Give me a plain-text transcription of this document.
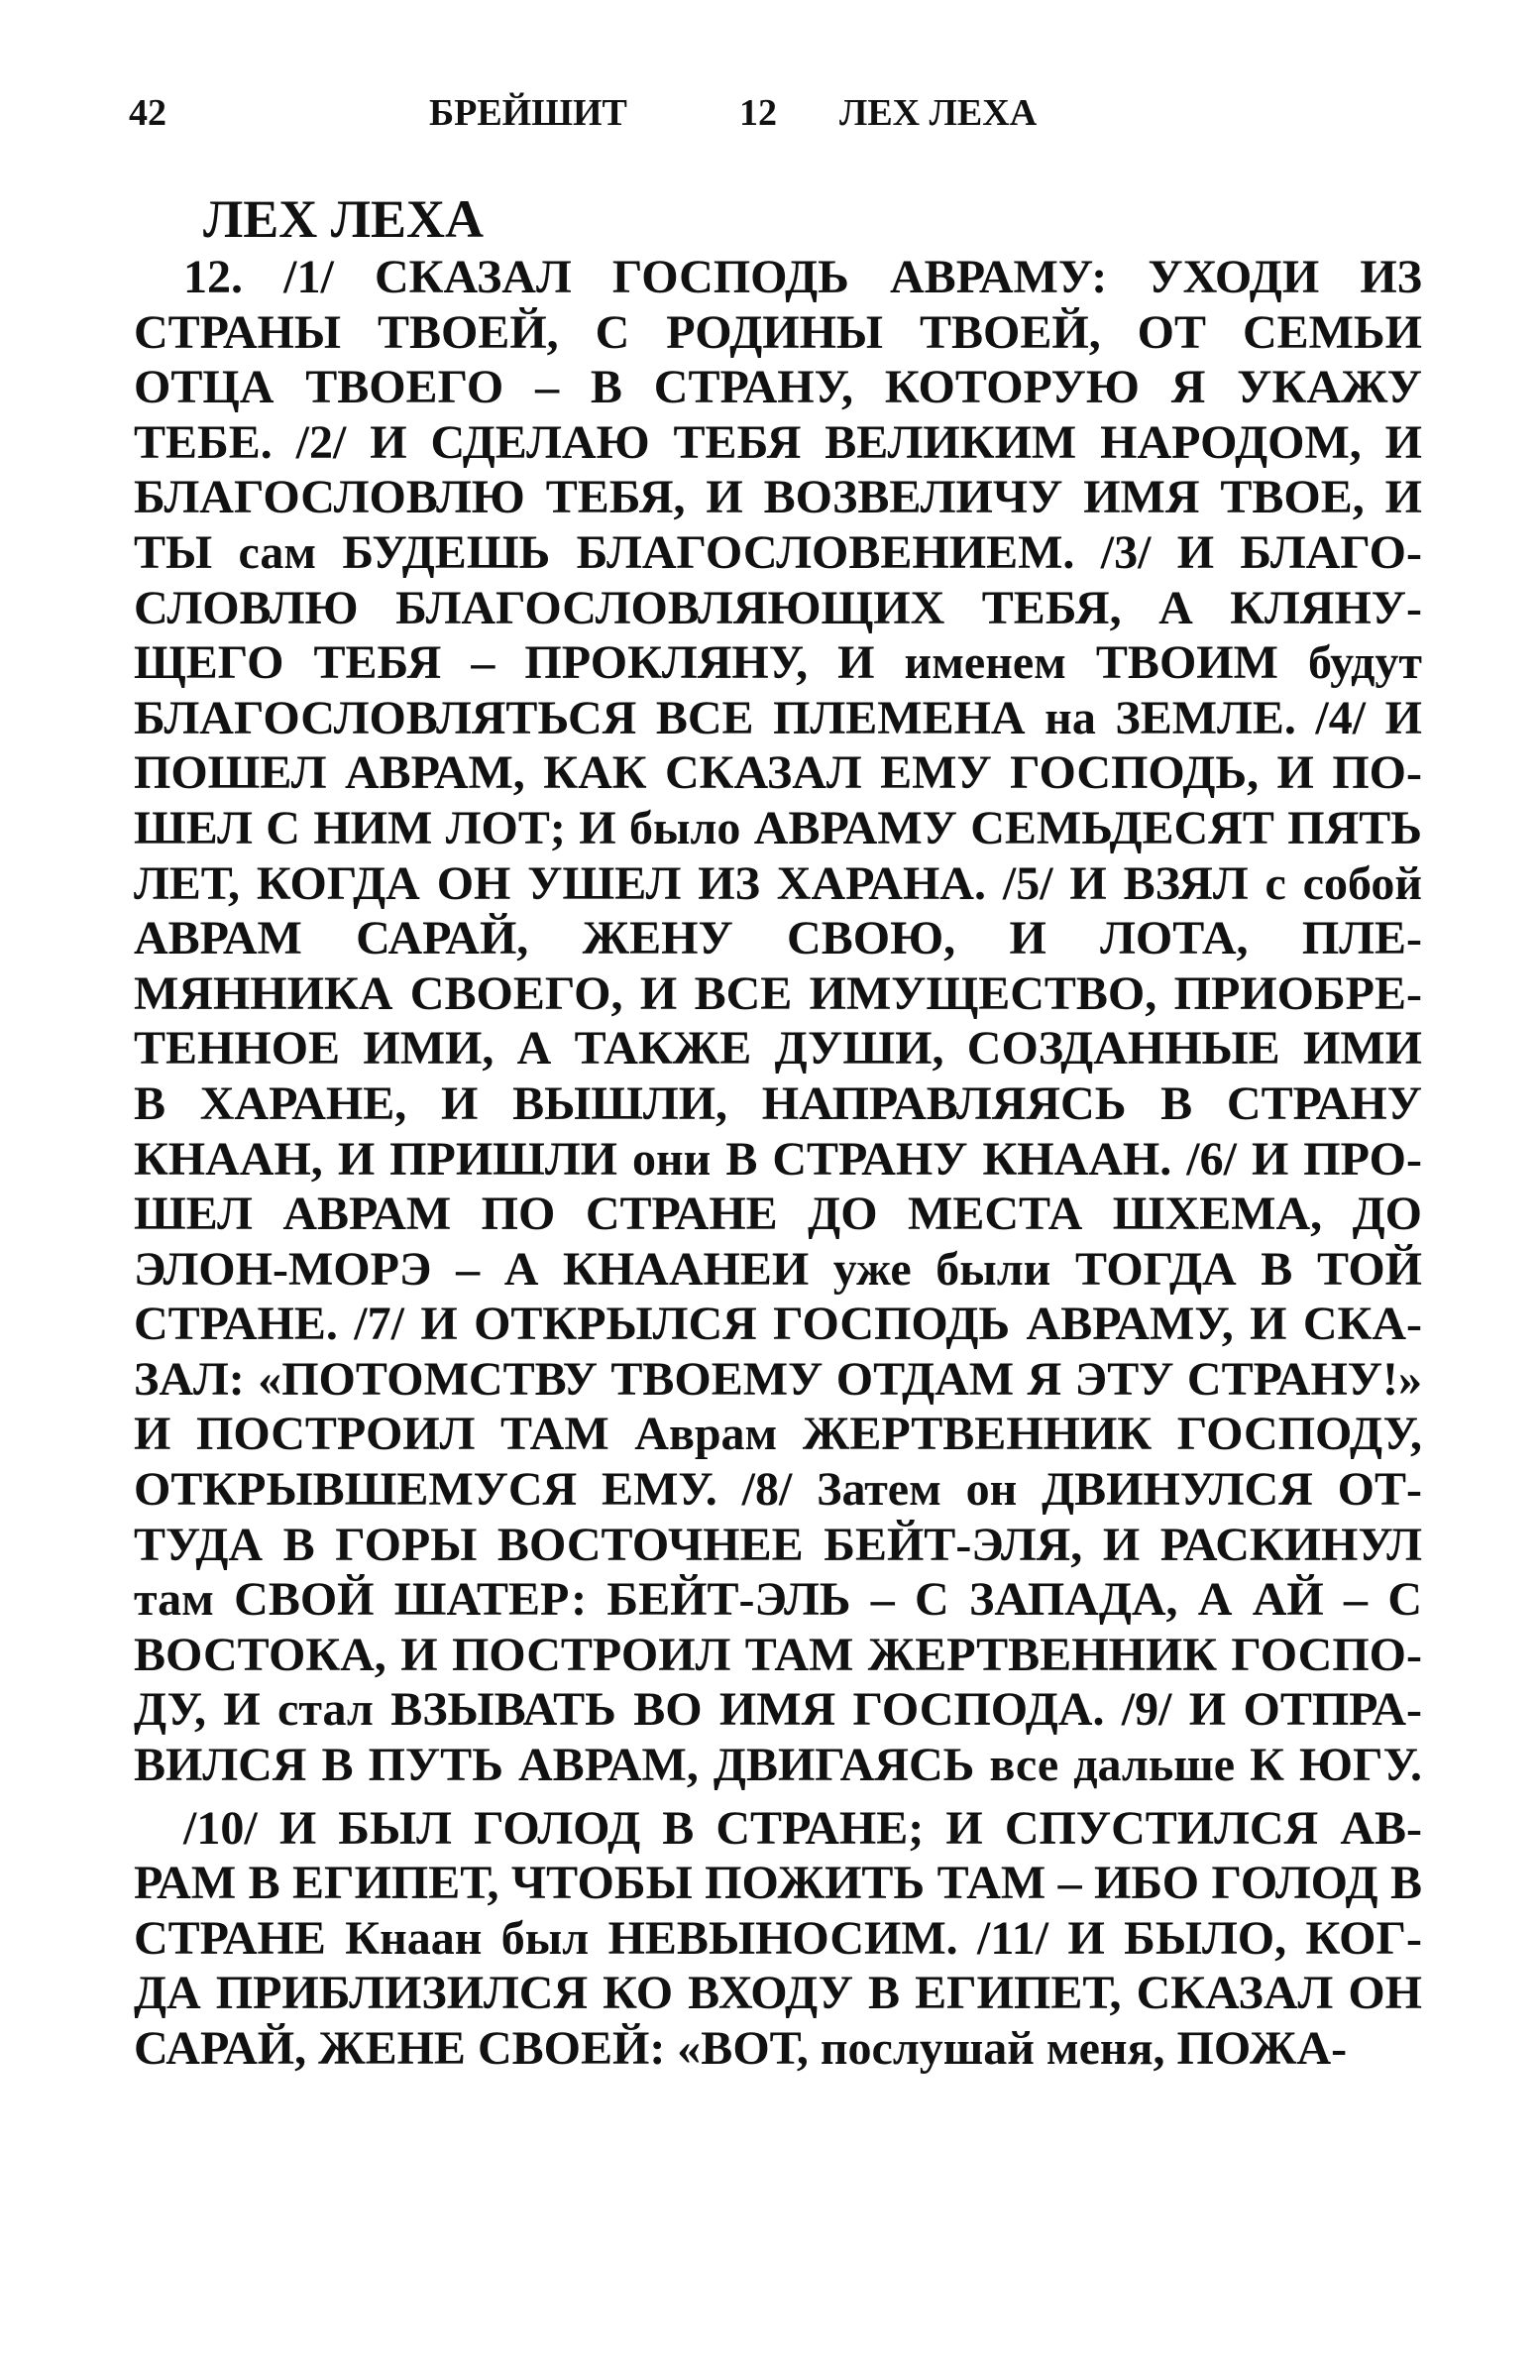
42	БРЕЙШИТ	12 ЛЕХ ЛЕХА
ЛЕХ ЛЕХА
12. /1/ СКАЗАЛ ГОСПОДЬ АВРАМУ: УХОДИ ИЗ
СТРАНЫ ТВОЕЙ, С РОДИНЫ ТВОЕЙ, ОТ СЕМЬИ
ОТЦА ТВОЕГО – В СТРАНУ, КОТОРУЮ Я УКАЖУ
ТЕБЕ. /2/ И СДЕЛАЮ ТЕБЯ ВЕЛИКИМ НАРОДОМ, И
БЛАГОСЛОВЛЮ ТЕБЯ, И ВОЗВЕЛИЧУ ИМЯ ТВОЕ, И
ТЫ сам БУДЕШЬ БЛАГОСЛОВЕНИЕМ. /3/ И БЛАГО-
СЛОВЛЮ БЛАГОСЛОВЛЯЮЩИХ ТЕБЯ, А КЛЯНУ-
ЩЕГО ТЕБЯ – ПРОКЛЯНУ, И именем ТВОИМ будут
БЛАГОСЛОВЛЯТЬСЯ ВСЕ ПЛЕМЕНА на ЗЕМЛЕ. /4/ И
ПОШЕЛ АВРАМ, КАК СКАЗАЛ ЕМУ ГОСПОДЬ, И ПО-
ШЕЛ С НИМ ЛОТ; И было АВРАМУ СЕМЬДЕСЯТ ПЯТЬ
ЛЕТ, КОГДА ОН УШЕЛ ИЗ ХАРАНА. /5/ И ВЗЯЛ с собой
АВРАМ САРАЙ, ЖЕНУ СВОЮ, И ЛОТА, ПЛЕ-
МЯННИКА СВОЕГО, И ВСЕ ИМУЩЕСТВО, ПРИОБРЕ-
ТЕННОЕ ИМИ, А ТАКЖЕ ДУШИ, СОЗДАННЫЕ ИМИ
В ХАРАНЕ, И ВЫШЛИ, НАПРАВЛЯЯСЬ В СТРАНУ
КНААН, И ПРИШЛИ они В СТРАНУ КНААН. /6/ И ПРО-
ШЕЛ АВРАМ ПО СТРАНЕ ДО МЕСТА ШХЕМА, ДО
ЭЛОН-МОРЭ – А КНААНЕИ уже были ТОГДА В ТОЙ
СТРАНЕ. /7/ И ОТКРЫЛСЯ ГОСПОДЬ АВРАМУ, И СКА-
ЗАЛ: «ПОТОМСТВУ ТВОЕМУ ОТДАМ Я ЭТУ СТРАНУ!»
И ПОСТРОИЛ ТАМ Аврам ЖЕРТВЕННИК ГОСПОДУ,
ОТКРЫВШЕМУСЯ ЕМУ. /8/ Затем он ДВИНУЛСЯ ОТ-
ТУДА В ГОРЫ ВОСТОЧНЕЕ БЕЙТ-ЭЛЯ, И РАСКИНУЛ
там СВОЙ ШАТЕР: БЕЙТ-ЭЛЬ – С ЗАПАДА, А АЙ – С
ВОСТОКА, И ПОСТРОИЛ ТАМ ЖЕРТВЕННИК ГОСПО-
ДУ, И стал ВЗЫВАТЬ ВО ИМЯ ГОСПОДА. /9/ И ОТПРА-
ВИЛСЯ В ПУТЬ АВРАМ, ДВИГАЯСЬ все дальше К ЮГУ.
/10/ И БЫЛ ГОЛОД В СТРАНЕ; И СПУСТИЛСЯ АВ-
РАМ В ЕГИПЕТ, ЧТОБЫ ПОЖИТЬ ТАМ – ИБО ГОЛОД В
СТРАНЕ Кнаан был НЕВЫНОСИМ. /11/ И БЫЛО, КОГ-
ДА ПРИБЛИЗИЛСЯ КО ВХОДУ В ЕГИПЕТ, СКАЗАЛ ОН
САРАЙ, ЖЕНЕ СВОЕЙ: «ВОТ, послушай меня, ПОЖА-
